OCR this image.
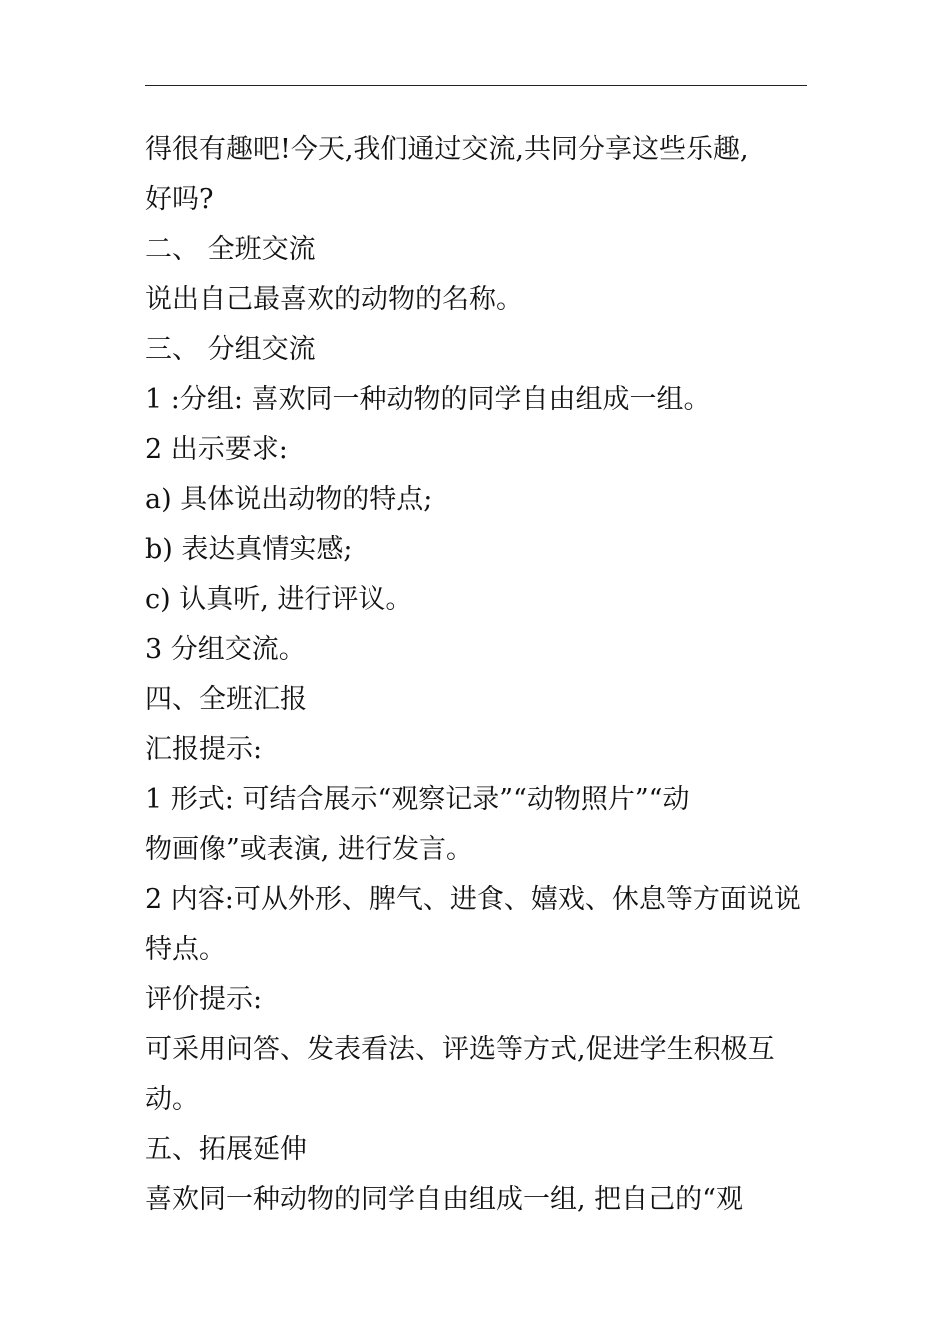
得很有趣吧!今天,我们通过交流,共同分享这些乐趣,
好吗?
二、 全班交流
说出自己最喜欢的动物的名称。
三、 分组交流
1 :分组: 喜欢同一种动物的同学自由组成一组。
2 出示要求:
a) 具体说出动物的特点;
b) 表达真情实感;
c) 认真听, 进行评议。
3 分组交流。
四、全班汇报
汇报提示:
1 形式: 可结合展示“观察记录”“动物照片”“动
物画像”或表演, 进行发言。
2 内容:可从外形、脾气、进食、嬉戏、休息等方面说说
特点。
评价提示:
可采用问答、发表看法、评选等方式,促进学生积极互
动。
五、拓展延伸
喜欢同一种动物的同学自由组成一组, 把自己的“观
